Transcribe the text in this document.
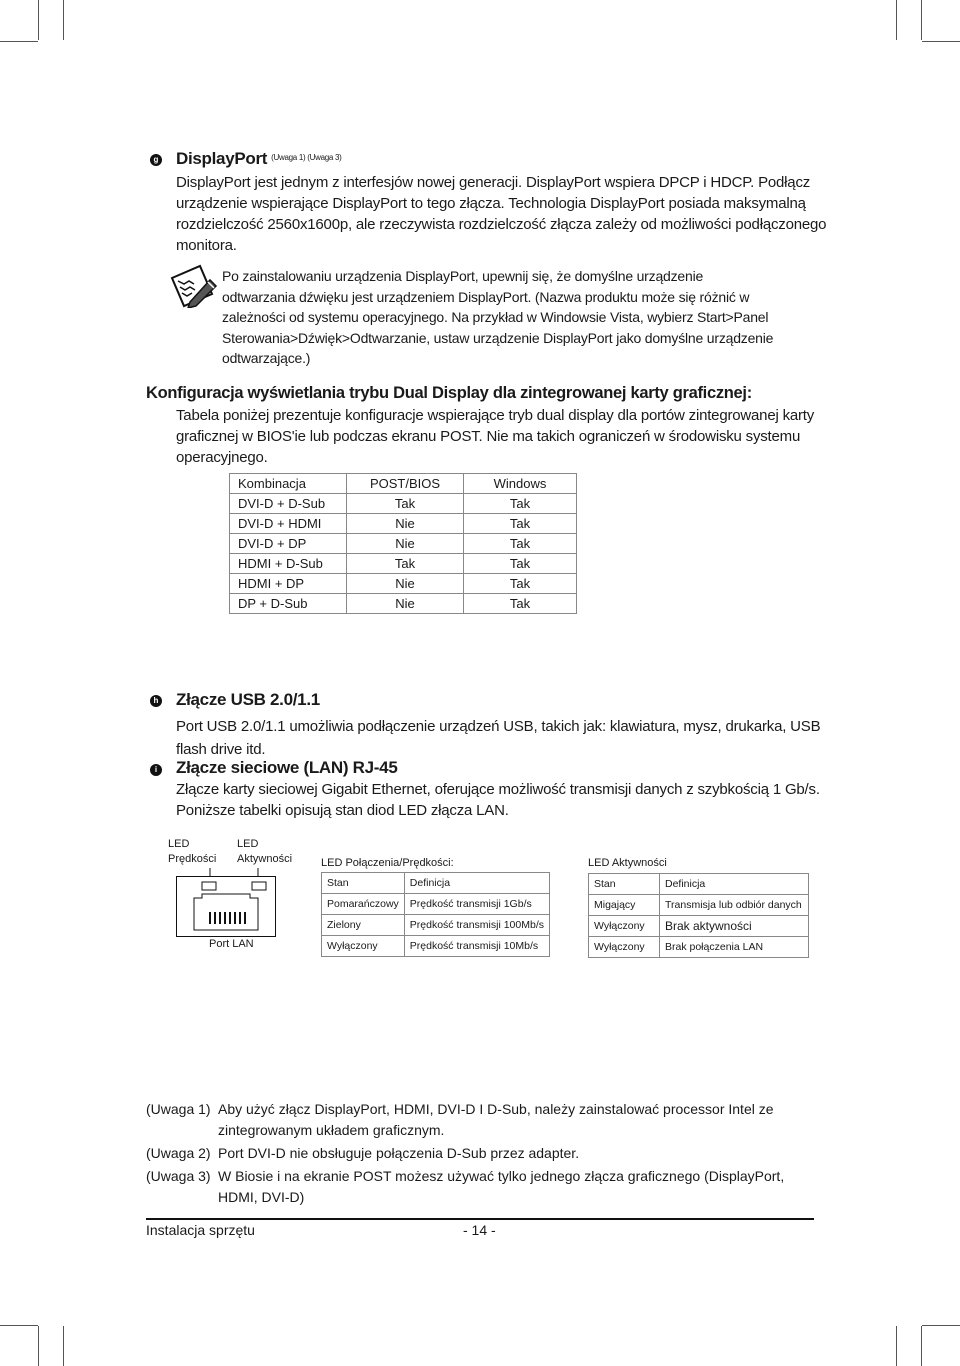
g DisplayPort $^{(Uwaga 1) (Uwaga 3)}$
DisplayPort jest jednym z interfesjów nowej generacji. DisplayPort wspiera DPCP i HDCP. Podłącz
urządzenie wspierające DisplayPort to tego złącza. Technologia DisplayPort posiada maksymalną
rozdzielczość 2560x1600p, ale rzeczywista rozdzielczość złącza zależy od możliwości podłączonego
monitora.
Po zainstalowaniu urządzenia DisplayPort, upewnij się, że domyślne urządzenie
odtwarzania dźwięku jest urządzeniem DisplayPort. (Nazwa produktu może się różnić w
zależności od systemu operacyjnego. Na przykład w Windowsie Vista, wybierz Start>Panel
Sterowania>Dźwięk>Odtwarzanie, ustaw urządzenie DisplayPort jako domyślne urządzenie
odtwarzające.)
Konfiguracja wyświetlania trybu Dual Display dla zintegrowanej karty graficznej:
Tabela poniżej prezentuje konfiguracje wspierające tryb dual display dla portów zintegrowanej karty
graficznej w BIOS'ie lub podczas ekranu POST. Nie ma takich ograniczeń w środowisku systemu
operacyjnego.
Kombinacja	POST/BIOS	Windows
DVI-D + D-Sub	Tak	Tak
DVI-D + HDMI	Nie	Tak
DVI-D + DP	Nie	Tak
HDMI + D-Sub	Tak	Tak
HDMI + DP	Nie	Tak
DP + D-Sub	Nie	Tak
h Złącze USB 2.0/1.1
Port USB 2.0/1.1 umożliwia podłączenie urządzeń USB, takich jak: klawiatura, mysz, drukarka, USB
flash drive itd.
i Złącze sieciowe (LAN) RJ-45
Złącze karty sieciowej Gigabit Ethernet, oferujące możliwość transmisji danych z szybkością 1 Gb/s.
Poniższe tabelki opisują stan diod LED złącza LAN.
LED
Prędkości
LED
Aktywności
Port LAN
LED Połączenia/Prędkości:
Stan	Definicja
Pomarańczowy	Prędkość transmisji 1Gb/s
Zielony	Prędkość transmisji 100Mb/s
Wyłączony	Prędkość transmisji 10Mb/s
LED Aktywności
Stan	Definicja
Migający	Transmisja lub odbiór danych
Wyłączony	Brak aktywności
Wyłączony	Brak połączenia LAN
(Uwaga 1) Aby użyć złącz DisplayPort, HDMI, DVI-D I D-Sub, należy zainstalować processor Intel ze
zintegrowanym układem graficznym.
(Uwaga 2) Port DVI-D nie obsługuje połączenia D-Sub przez adapter.
(Uwaga 3) W Biosie i na ekranie POST możesz używać tylko jednego złącza graficznego (DisplayPort,
HDMI, DVI-D)
Instalacja sprzętu	- 14 -
